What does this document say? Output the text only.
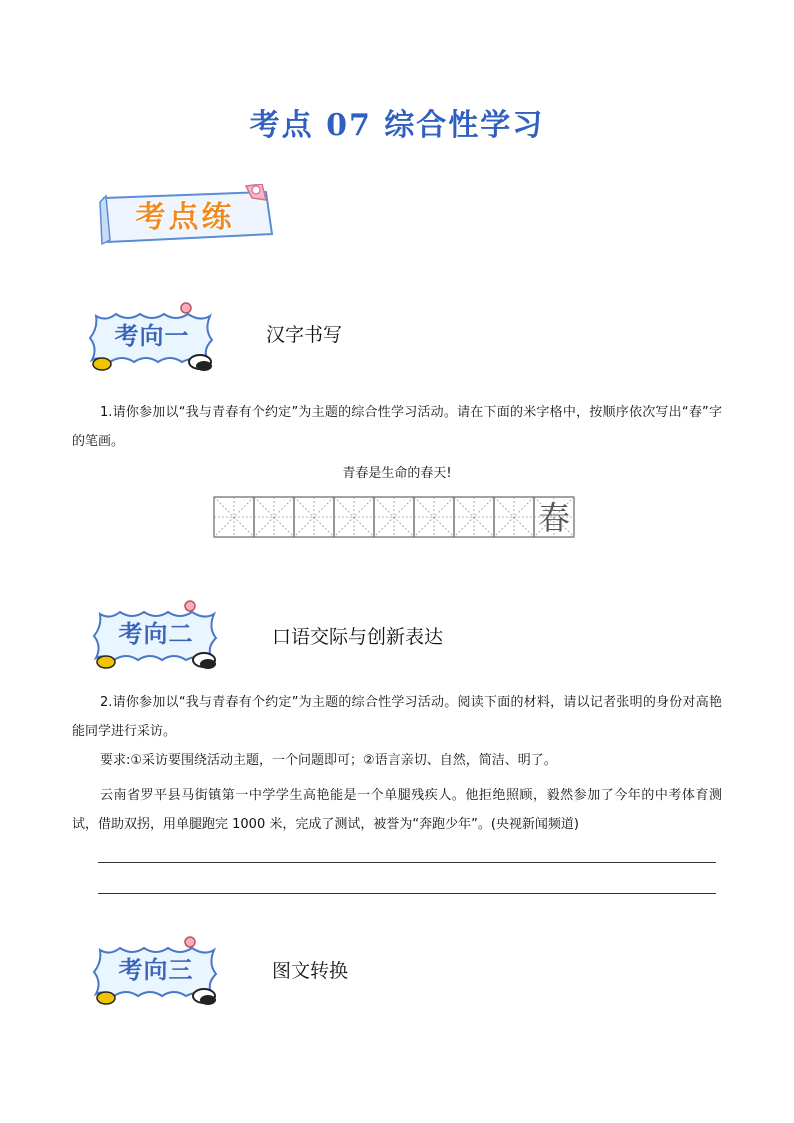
考点 07 综合性学习
考点练
考向一	汉字书写
1.请你参加以“我与青春有个约定”为主题的综合性学习活动。请在下面的米字格中，按顺序依次写出“春”字的笔画。
青春是生命的春天!
春
考向二	口语交际与创新表达
2.请你参加以“我与青春有个约定”为主题的综合性学习活动。阅读下面的材料，请以记者张明的身份对高艳能同学进行采访。
要求:①采访要围绕活动主题，一个问题即可；②语言亲切、自然，简洁、明了。
云南省罗平县马街镇第一中学学生高艳能是一个单腿残疾人。他拒绝照顾，毅然参加了今年的中考体育测试，借助双拐，用单腿跑完 1000 米，完成了测试，被誉为“奔跑少年”。(央视新闻频道)
考向三	图文转换
